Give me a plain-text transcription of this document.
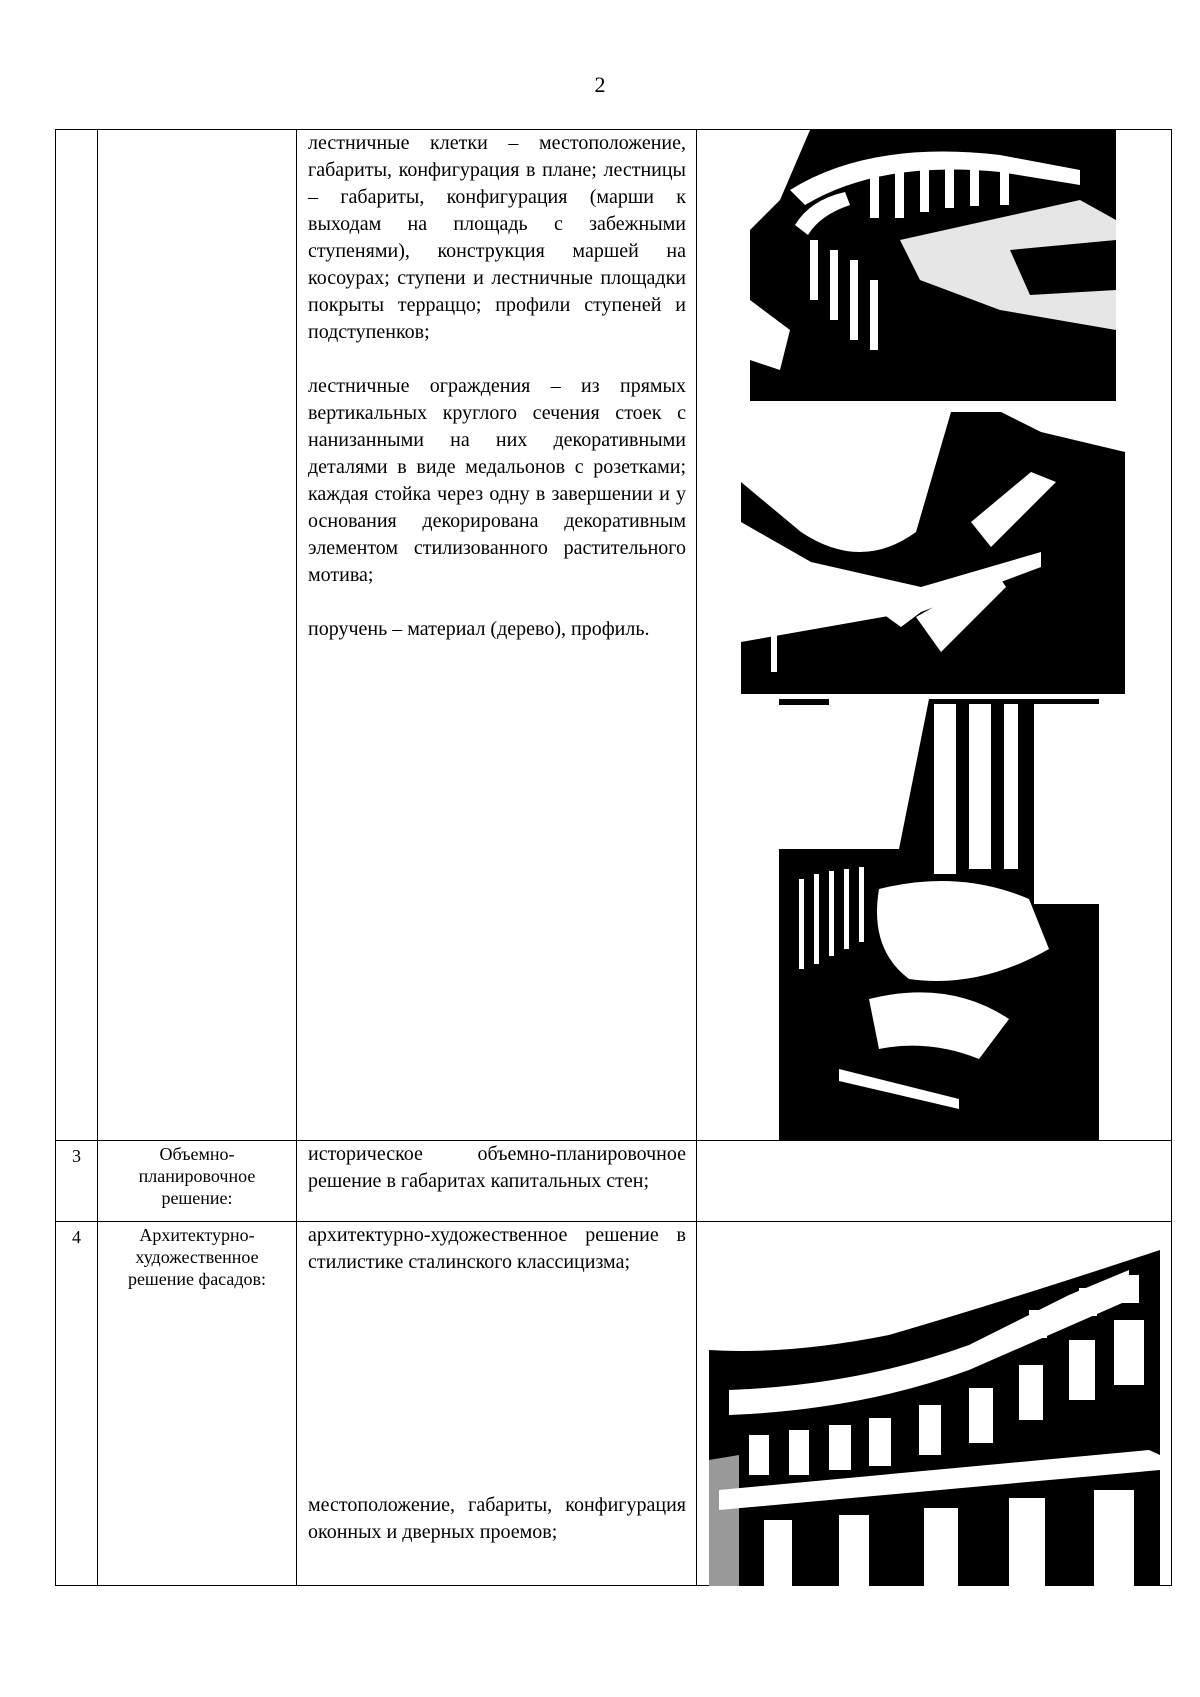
2

		лестничные клетки – местоположение, габариты, конфигурация в плане; лестницы – габариты, конфигурация (марши к выходам на площадь с забежными ступенями), конструкция маршей на косоурах; ступени и лестничные площадки покрыты терраццо; профили ступеней и подступенков;
лестничные ограждения – из прямых вертикальных круглого сечения стоек с нанизанными на них декоративными деталями в виде медальонов с розетками; каждая стойка через одну в завершении и у основания декорирована декоративным элементом стилизованного растительного мотива;
поручень – материал (дерево), профиль.

3	Объемно-планировочное решение:	историческое объемно-планировочное решение в габаритах капитальных стен;	

4	Архитектурно-художественное решение фасадов:	архитектурно-художественное решение в стилистике сталинского классицизма;
местоположение, габариты, конфигурация оконных и дверных проемов;
